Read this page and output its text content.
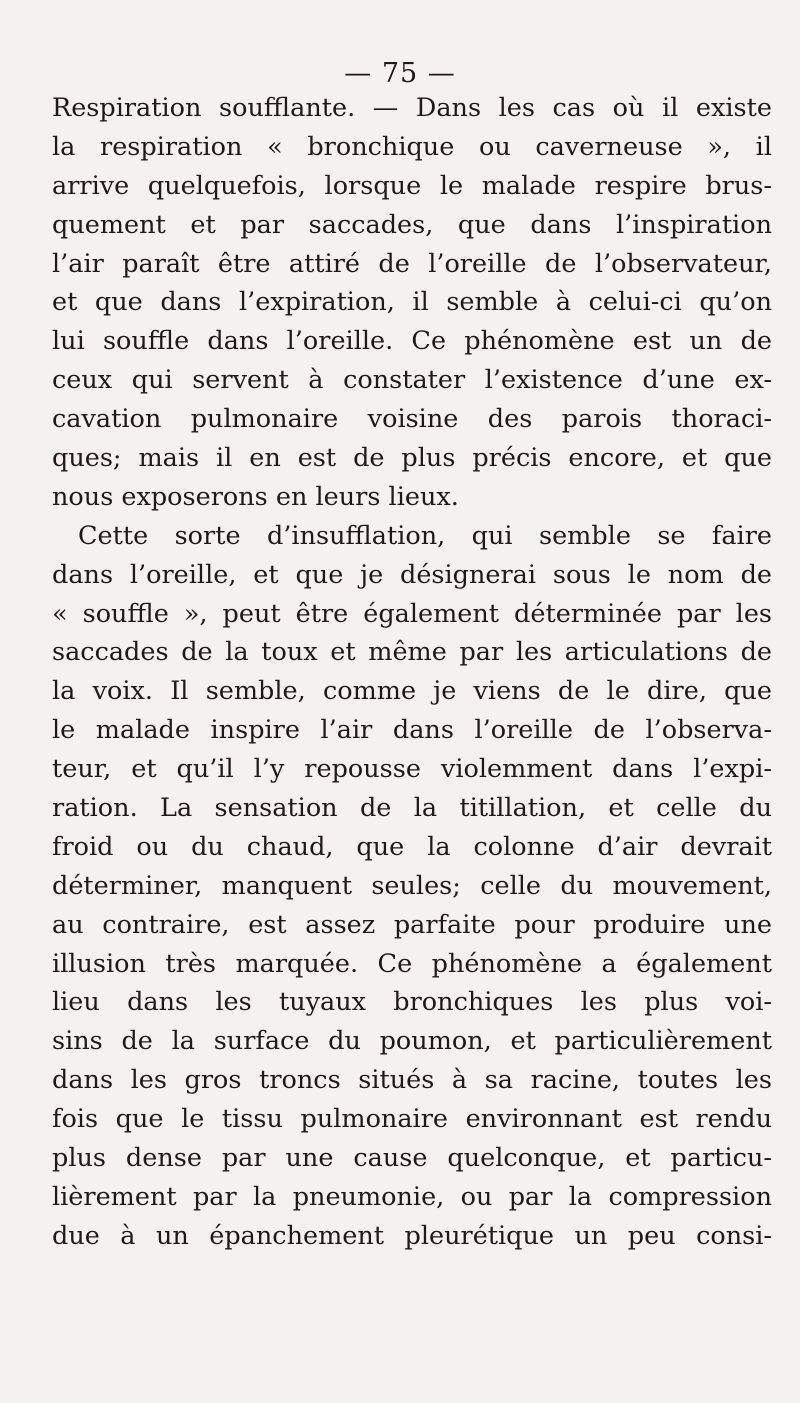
— 75 —
Respiration soufflante. — Dans les cas où il existe
la respiration « bronchique ou caverneuse », il
arrive quelquefois, lorsque le malade respire brus-
quement et par saccades, que dans l’inspiration
l’air paraît être attiré de l’oreille de l’observateur,
et que dans l’expiration, il semble à celui-ci qu’on
lui souffle dans l’oreille. Ce phénomène est un de
ceux qui servent à constater l’existence d’une ex-
cavation pulmonaire voisine des parois thoraci-
ques; mais il en est de plus précis encore, et que
nous exposerons en leurs lieux.
Cette sorte d’insufflation, qui semble se faire
dans l’oreille, et que je désignerai sous le nom de
« souffle », peut être également déterminée par les
saccades de la toux et même par les articulations de
la voix. Il semble, comme je viens de le dire, que
le malade inspire l’air dans l’oreille de l’observa-
teur, et qu’il l’y repousse violemment dans l’expi-
ration. La sensation de la titillation, et celle du
froid ou du chaud, que la colonne d’air devrait
déterminer, manquent seules; celle du mouvement,
au contraire, est assez parfaite pour produire une
illusion très marquée. Ce phénomène a également
lieu dans les tuyaux bronchiques les plus voi-
sins de la surface du poumon, et particulièrement
dans les gros troncs situés à sa racine, toutes les
fois que le tissu pulmonaire environnant est rendu
plus dense par une cause quelconque, et particu-
lièrement par la pneumonie, ou par la compression
due à un épanchement pleurétique un peu consi-
